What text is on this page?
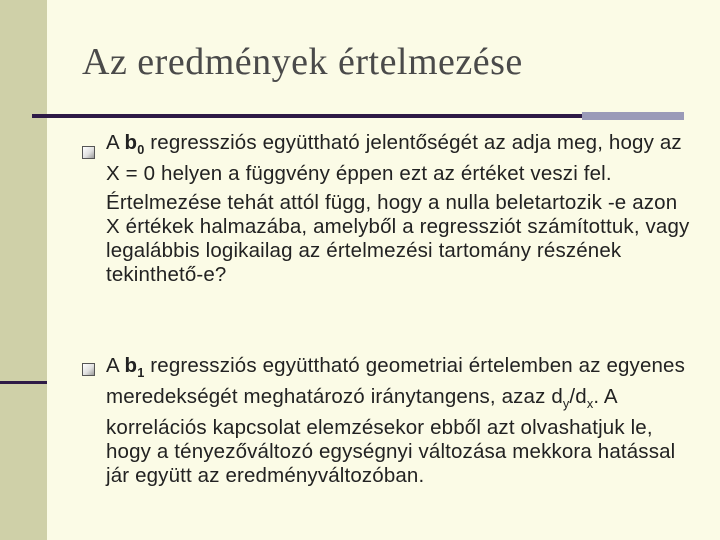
Az eredmények értelmezése

A $b_0$ regressziós együttható jelentőségét az adja meg, hogy az X = 0 helyen a függvény éppen ezt az értéket veszi fel.

Értelmezése tehát attól függ, hogy a nulla beletartozik -e azon X értékek halmazába, amelyből a regressziót számítottuk, vagy legalábbis logikailag az értelmezési tartomány részének tekinthető-e?

A $b_1$ regressziós együttható geometriai értelemben az egyenes meredekségét meghatározó iránytangens, azaz $d_y/d_x$. A korrelációs kapcsolat elemzésekor ebből azt olvashatjuk le, hogy a tényezőváltozó egységnyi változása mekkora hatással jár együtt az eredményváltozóban.
